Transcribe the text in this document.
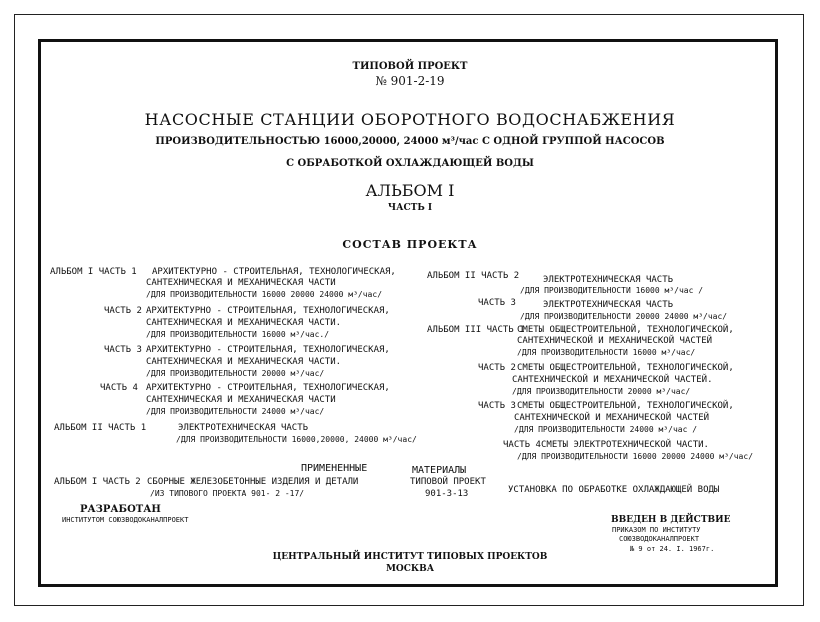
ТИПОВОЙ ПРОЕКТ
№ 901-2-19
НАСОСНЫЕ СТАНЦИИ ОБОРОТНОГО ВОДОСНАБЖЕНИЯ
ПРОИЗВОДИТЕЛЬНОСТЬЮ 16000,20000, 24000 м³/час С ОДНОЙ ГРУППОЙ НАСОСОВ
С ОБРАБОТКОЙ ОХЛАЖДАЮЩЕЙ ВОДЫ
АЛЬБОМ I
ЧАСТЬ I
СОСТАВ ПРОЕКТА
АЛЬБОМ I ЧАСТЬ 1 АРХИТЕКТУРНО - СТРОИТЕЛЬНАЯ, ТЕХНОЛОГИЧЕСКАЯ,
САНТЕХНИЧЕСКАЯ И МЕХАНИЧЕСКАЯ ЧАСТИ
/ДЛЯ ПРОИЗВОДИТЕЛЬНОСТИ 16000 20000 24000 м³/час/
ЧАСТЬ 2 АРХИТЕКТУРНО - СТРОИТЕЛЬНАЯ, ТЕХНОЛОГИЧЕСКАЯ,
САНТЕХНИЧЕСКАЯ И МЕХАНИЧЕСКАЯ ЧАСТИ.
/ДЛЯ ПРОИЗВОДИТЕЛЬНОСТИ 16000 м³/час./
ЧАСТЬ 3 АРХИТЕКТУРНО - СТРОИТЕЛЬНАЯ, ТЕХНОЛОГИЧЕСКАЯ,
САНТЕХНИЧЕСКАЯ И МЕХАНИЧЕСКАЯ ЧАСТИ.
/ДЛЯ ПРОИЗВОДИТЕЛЬНОСТИ 20000 м³/час/
ЧАСТЬ 4 АРХИТЕКТУРНО - СТРОИТЕЛЬНАЯ, ТЕХНОЛОГИЧЕСКАЯ,
САНТЕХНИЧЕСКАЯ И МЕХАНИЧЕСКАЯ ЧАСТИ
/ДЛЯ ПРОИЗВОДИТЕЛЬНОСТИ 24000 м³/час/
АЛЬБОМ II ЧАСТЬ 1	ЭЛЕКТРОТЕХНИЧЕСКАЯ ЧАСТЬ
/ДЛЯ ПРОИЗВОДИТЕЛЬНОСТИ 16000,20000, 24000 м³/час/
АЛЬБОМ II ЧАСТЬ 2	ЭЛЕКТРОТЕХНИЧЕСКАЯ ЧАСТЬ
/ДЛЯ ПРОИЗВОДИТЕЛЬНОСТИ 16000 м³/час /
ЧАСТЬ 3	ЭЛЕКТРОТЕХНИЧЕСКАЯ ЧАСТЬ
/ДЛЯ ПРОИЗВОДИТЕЛЬНОСТИ 20000 24000 м³/час/
АЛЬБОМ III ЧАСТЬ 1
СМЕТЫ ОБЩЕСТРОИТЕЛЬНОЙ, ТЕХНОЛОГИЧЕСКОЙ,
САНТЕХНИЧЕСКОЙ И МЕХАНИЧЕСКОЙ ЧАСТЕЙ
/ДЛЯ ПРОИЗВОДИТЕЛЬНОСТИ 16000 м³/час/
ЧАСТЬ 2 СМЕТЫ ОБЩЕСТРОИТЕЛЬНОЙ, ТЕХНОЛОГИЧЕСКОЙ,
САНТЕХНИЧЕСКОЙ И МЕХАНИЧЕСКОЙ ЧАСТЕЙ.
/ДЛЯ ПРОИЗВОДИТЕЛЬНОСТИ 20000 м³/час/
ЧАСТЬ 3 СМЕТЫ ОБЩЕСТРОИТЕЛЬНОЙ, ТЕХНОЛОГИЧЕСКОЙ,
САНТЕХНИЧЕСКОЙ И МЕХАНИЧЕСКОЙ ЧАСТЕЙ
/ДЛЯ ПРОИЗВОДИТЕЛЬНОСТИ 24000 м³/час /
ЧАСТЬ 4 СМЕТЫ ЭЛЕКТРОТЕХНИЧЕСКОЙ ЧАСТИ.
/ДЛЯ ПРОИЗВОДИТЕЛЬНОСТИ 16000 20000 24000 м³/час/
ПРИМЕНЕННЫЕ	МАТЕРИАЛЫ
АЛЬБОМ I ЧАСТЬ 2 СБОРНЫЕ ЖЕЛЕЗОБЕТОННЫЕ ИЗДЕЛИЯ И ДЕТАЛИ
/ИЗ ТИПОВОГО ПРОЕКТА 901- 2 -17/
ТИПОВОЙ ПРОЕКТ
901-3-13	УСТАНОВКА ПО ОБРАБОТКЕ ОХЛАЖДАЮЩЕЙ ВОДЫ
РАЗРАБОТАН
ИНСТИТУТОМ СОЮЗВОДОКАНАЛПРОЕКТ	ВВЕДЕН В ДЕЙСТВИЕ
ПРИКАЗОМ ПО ИНСТИТУТУ
СОЮЗВОДОКАНАЛПРОЕКТ
№ 9 от 24. I. 1967г.
ЦЕНТРАЛЬНЫЙ ИНСТИТУТ ТИПОВЫХ ПРОЕКТОВ
МОСКВА
